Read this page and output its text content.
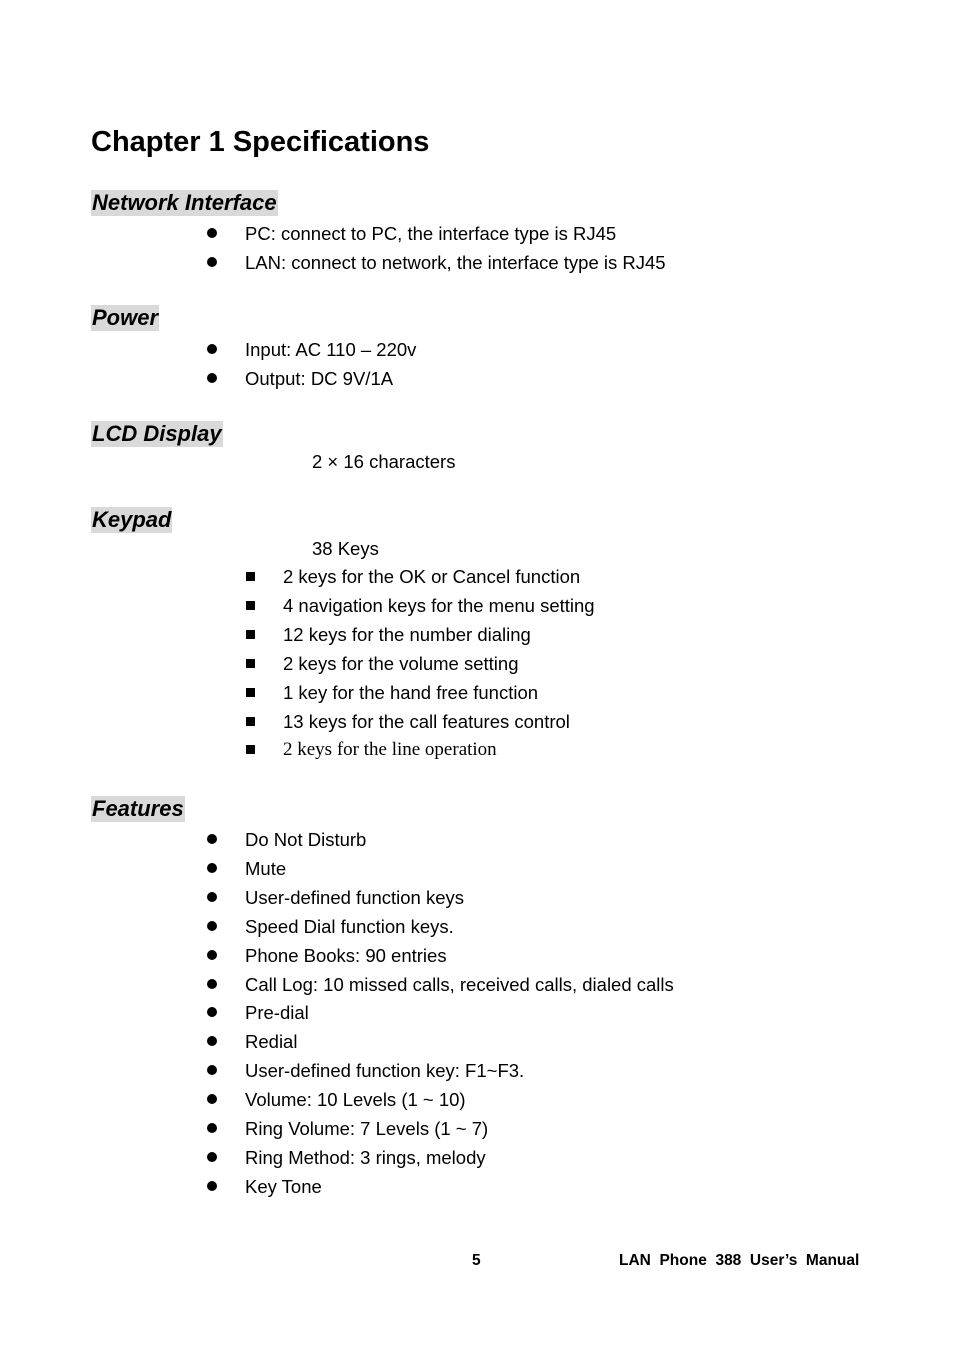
Chapter 1 Specifications
Network Interface
PC: connect to PC, the interface type is RJ45
LAN: connect to network, the interface type is RJ45
Power
Input: AC 110 – 220v
Output: DC 9V/1A
LCD Display
2 × 16 characters
Keypad
38 Keys
2 keys for the OK or Cancel function
4 navigation keys for the menu setting
12 keys for the number dialing
2 keys for the volume setting
1 key for the hand free function
13 keys for the call features control
2 keys for the line operation
Features
Do Not Disturb
Mute
User-defined function keys
Speed Dial function keys.
Phone Books: 90 entries
Call Log: 10 missed calls, received calls, dialed calls
Pre-dial
Redial
User-defined function key: F1~F3.
Volume: 10 Levels (1 ~ 10)
Ring Volume: 7 Levels (1 ~ 7)
Ring Method: 3 rings, melody
Key Tone
5	LAN  Phone  388  User’s  Manual
